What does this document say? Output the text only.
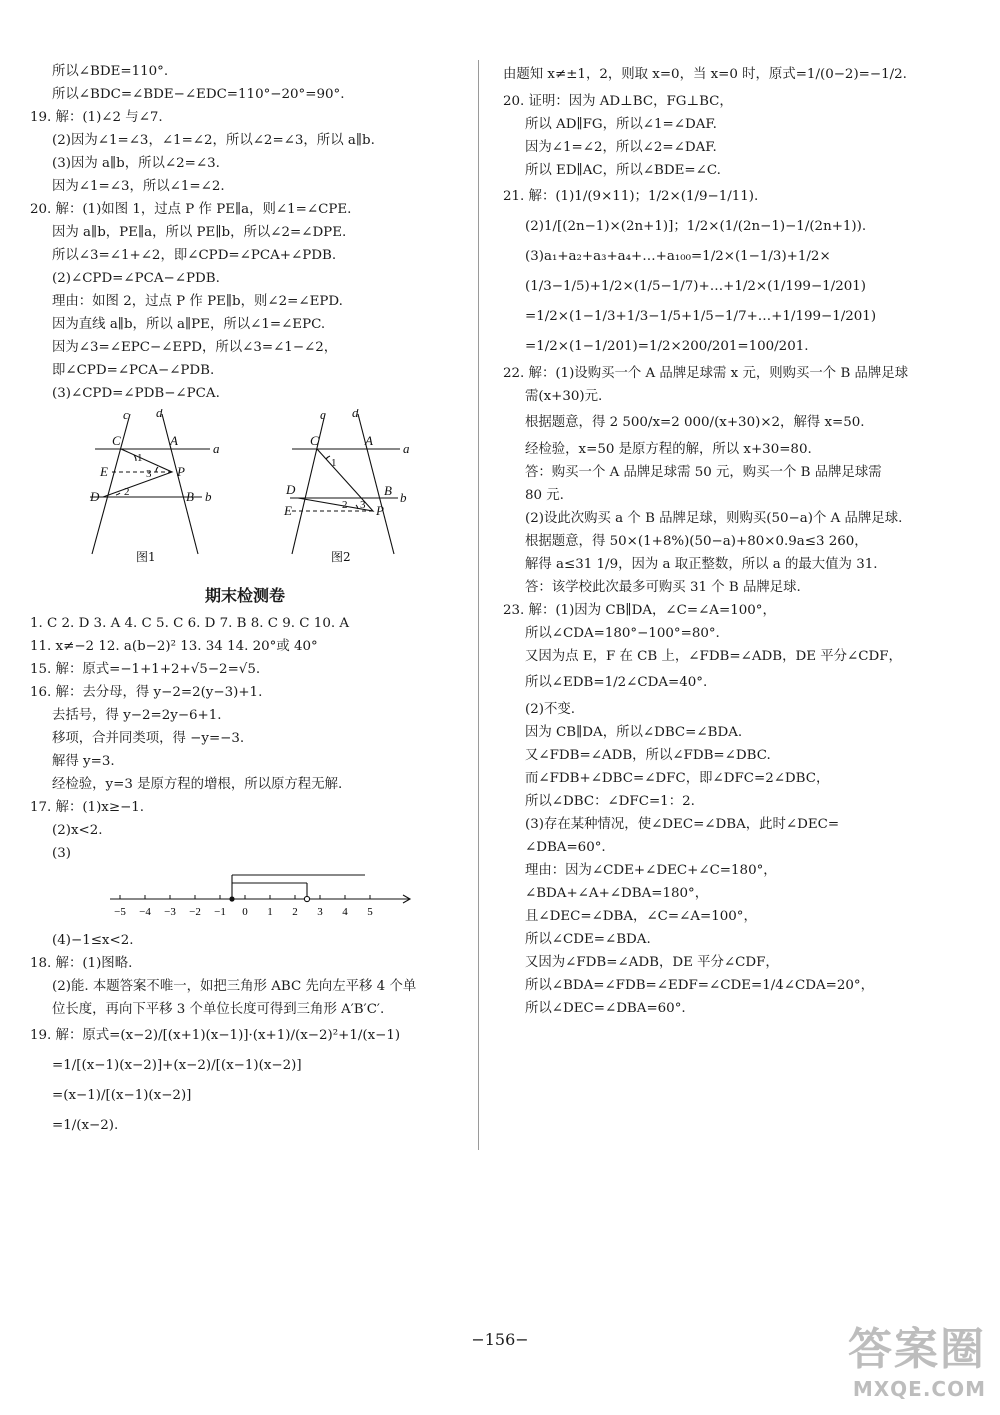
所以∠BDE=110°.
所以∠BDC=∠BDE−∠EDC=110°−20°=90°.
19. 解：(1)∠2 与∠7.
(2)因为∠1=∠3，∠1=∠2，所以∠2=∠3，所以 a∥b.
(3)因为 a∥b，所以∠2=∠3.
因为∠1=∠3，所以∠1=∠2.
20. 解：(1)如图 1，过点 P 作 PE∥a，则∠1=∠CPE.
因为 a∥b，PE∥a，所以 PE∥b，所以∠2=∠DPE.
所以∠3=∠1+∠2，即∠CPD=∠PCA+∠PDB.
(2)∠CPD=∠PCA−∠PDB.
理由：如图 2，过点 P 作 PE∥b，则∠2=∠EPD.
因为直线 a∥b，所以 a∥PE，所以∠1=∠EPC.
因为∠3=∠EPC−∠EPD，所以∠3=∠1−∠2，
即∠CPD=∠PCA−∠PDB.
(3)∠CPD=∠PDB−∠PCA.
c d
a
b
C	A
E	P
D	B
1
3
2
c d
a
b
C	A
D	B
E	P
1
2 3
图1	图2
期末检测卷
1. C 2. D 3. A 4. C 5. C 6. D 7. B 8. C 9. C 10. A
11. x≠−2 12. a(b−2)² 13. 34 14. 20°或 40°
15. 解：原式=−1+1+2+√5−2=√5.
16. 解：去分母，得 y−2=2(y−3)+1.
去括号，得 y−2=2y−6+1.
移项，合并同类项，得 −y=−3.
解得 y=3.
经检验，y=3 是原方程的增根，所以原方程无解.
17. 解：(1)x≥−1.
(2)x<2.
(3)
−5 −4 −3 −2 −1 0 1 2 3 4 5
(4)−1≤x<2.
18. 解：(1)图略.
(2)能. 本题答案不唯一，如把三角形 ABC 先向左平移 4 个单
位长度，再向下平移 3 个单位长度可得到三角形 A′B′C′.
19. 解：原式=(x−2)/[(x+1)(x−1)]·(x+1)/(x−2)²+1/(x−1)
=1/[(x−1)(x−2)]+(x−2)/[(x−1)(x−2)]
=(x−1)/[(x−1)(x−2)]
=1/(x−2).
由题知 x≠±1，2，则取 x=0，当 x=0 时，原式=1/(0−2)=−1/2.
20. 证明：因为 AD⊥BC，FG⊥BC，
所以 AD∥FG，所以∠1=∠DAF.
因为∠1=∠2，所以∠2=∠DAF.
所以 ED∥AC，所以∠BDE=∠C.
21. 解：(1)1/(9×11)；1/2×(1/9−1/11).
(2)1/[(2n−1)×(2n+1)]；1/2×(1/(2n−1)−1/(2n+1)).
(3)a₁+a₂+a₃+a₄+…+a₁₀₀=1/2×(1−1/3)+1/2×
(1/3−1/5)+1/2×(1/5−1/7)+…+1/2×(1/199−1/201)
=1/2×(1−1/3+1/3−1/5+1/5−1/7+…+1/199−1/201)
=1/2×(1−1/201)=1/2×200/201=100/201.
22. 解：(1)设购买一个 A 品牌足球需 x 元，则购买一个 B 品牌足球
需(x+30)元.
根据题意，得 2 500/x=2 000/(x+30)×2，解得 x=50.
经检验，x=50 是原方程的解，所以 x+30=80.
答：购买一个 A 品牌足球需 50 元，购买一个 B 品牌足球需
80 元.
(2)设此次购买 a 个 B 品牌足球，则购买(50−a)个 A 品牌足球.
根据题意，得 50×(1+8%)(50−a)+80×0.9a≤3 260，
解得 a≤31 1/9，因为 a 取正整数，所以 a 的最大值为 31.
答：该学校此次最多可购买 31 个 B 品牌足球.
23. 解：(1)因为 CB∥DA，∠C=∠A=100°，
所以∠CDA=180°−100°=80°.
又因为点 E，F 在 CB 上，∠FDB=∠ADB，DE 平分∠CDF，
所以∠EDB=1/2∠CDA=40°.
(2)不变.
因为 CB∥DA，所以∠DBC=∠BDA.
又∠FDB=∠ADB，所以∠FDB=∠DBC.
而∠FDB+∠DBC=∠DFC，即∠DFC=2∠DBC，
所以∠DBC：∠DFC=1：2.
(3)存在某种情况，使∠DEC=∠DBA，此时∠DEC=
∠DBA=60°.
理由：因为∠CDE+∠DEC+∠C=180°，
∠BDA+∠A+∠DBA=180°，
且∠DEC=∠DBA，∠C=∠A=100°，
所以∠CDE=∠BDA.
又因为∠FDB=∠ADB，DE 平分∠CDF，
所以∠BDA=∠FDB=∠EDF=∠CDE=1/4∠CDA=20°，
所以∠DEC=∠DBA=60°.
−156−	答案圈
MXQE.COM
